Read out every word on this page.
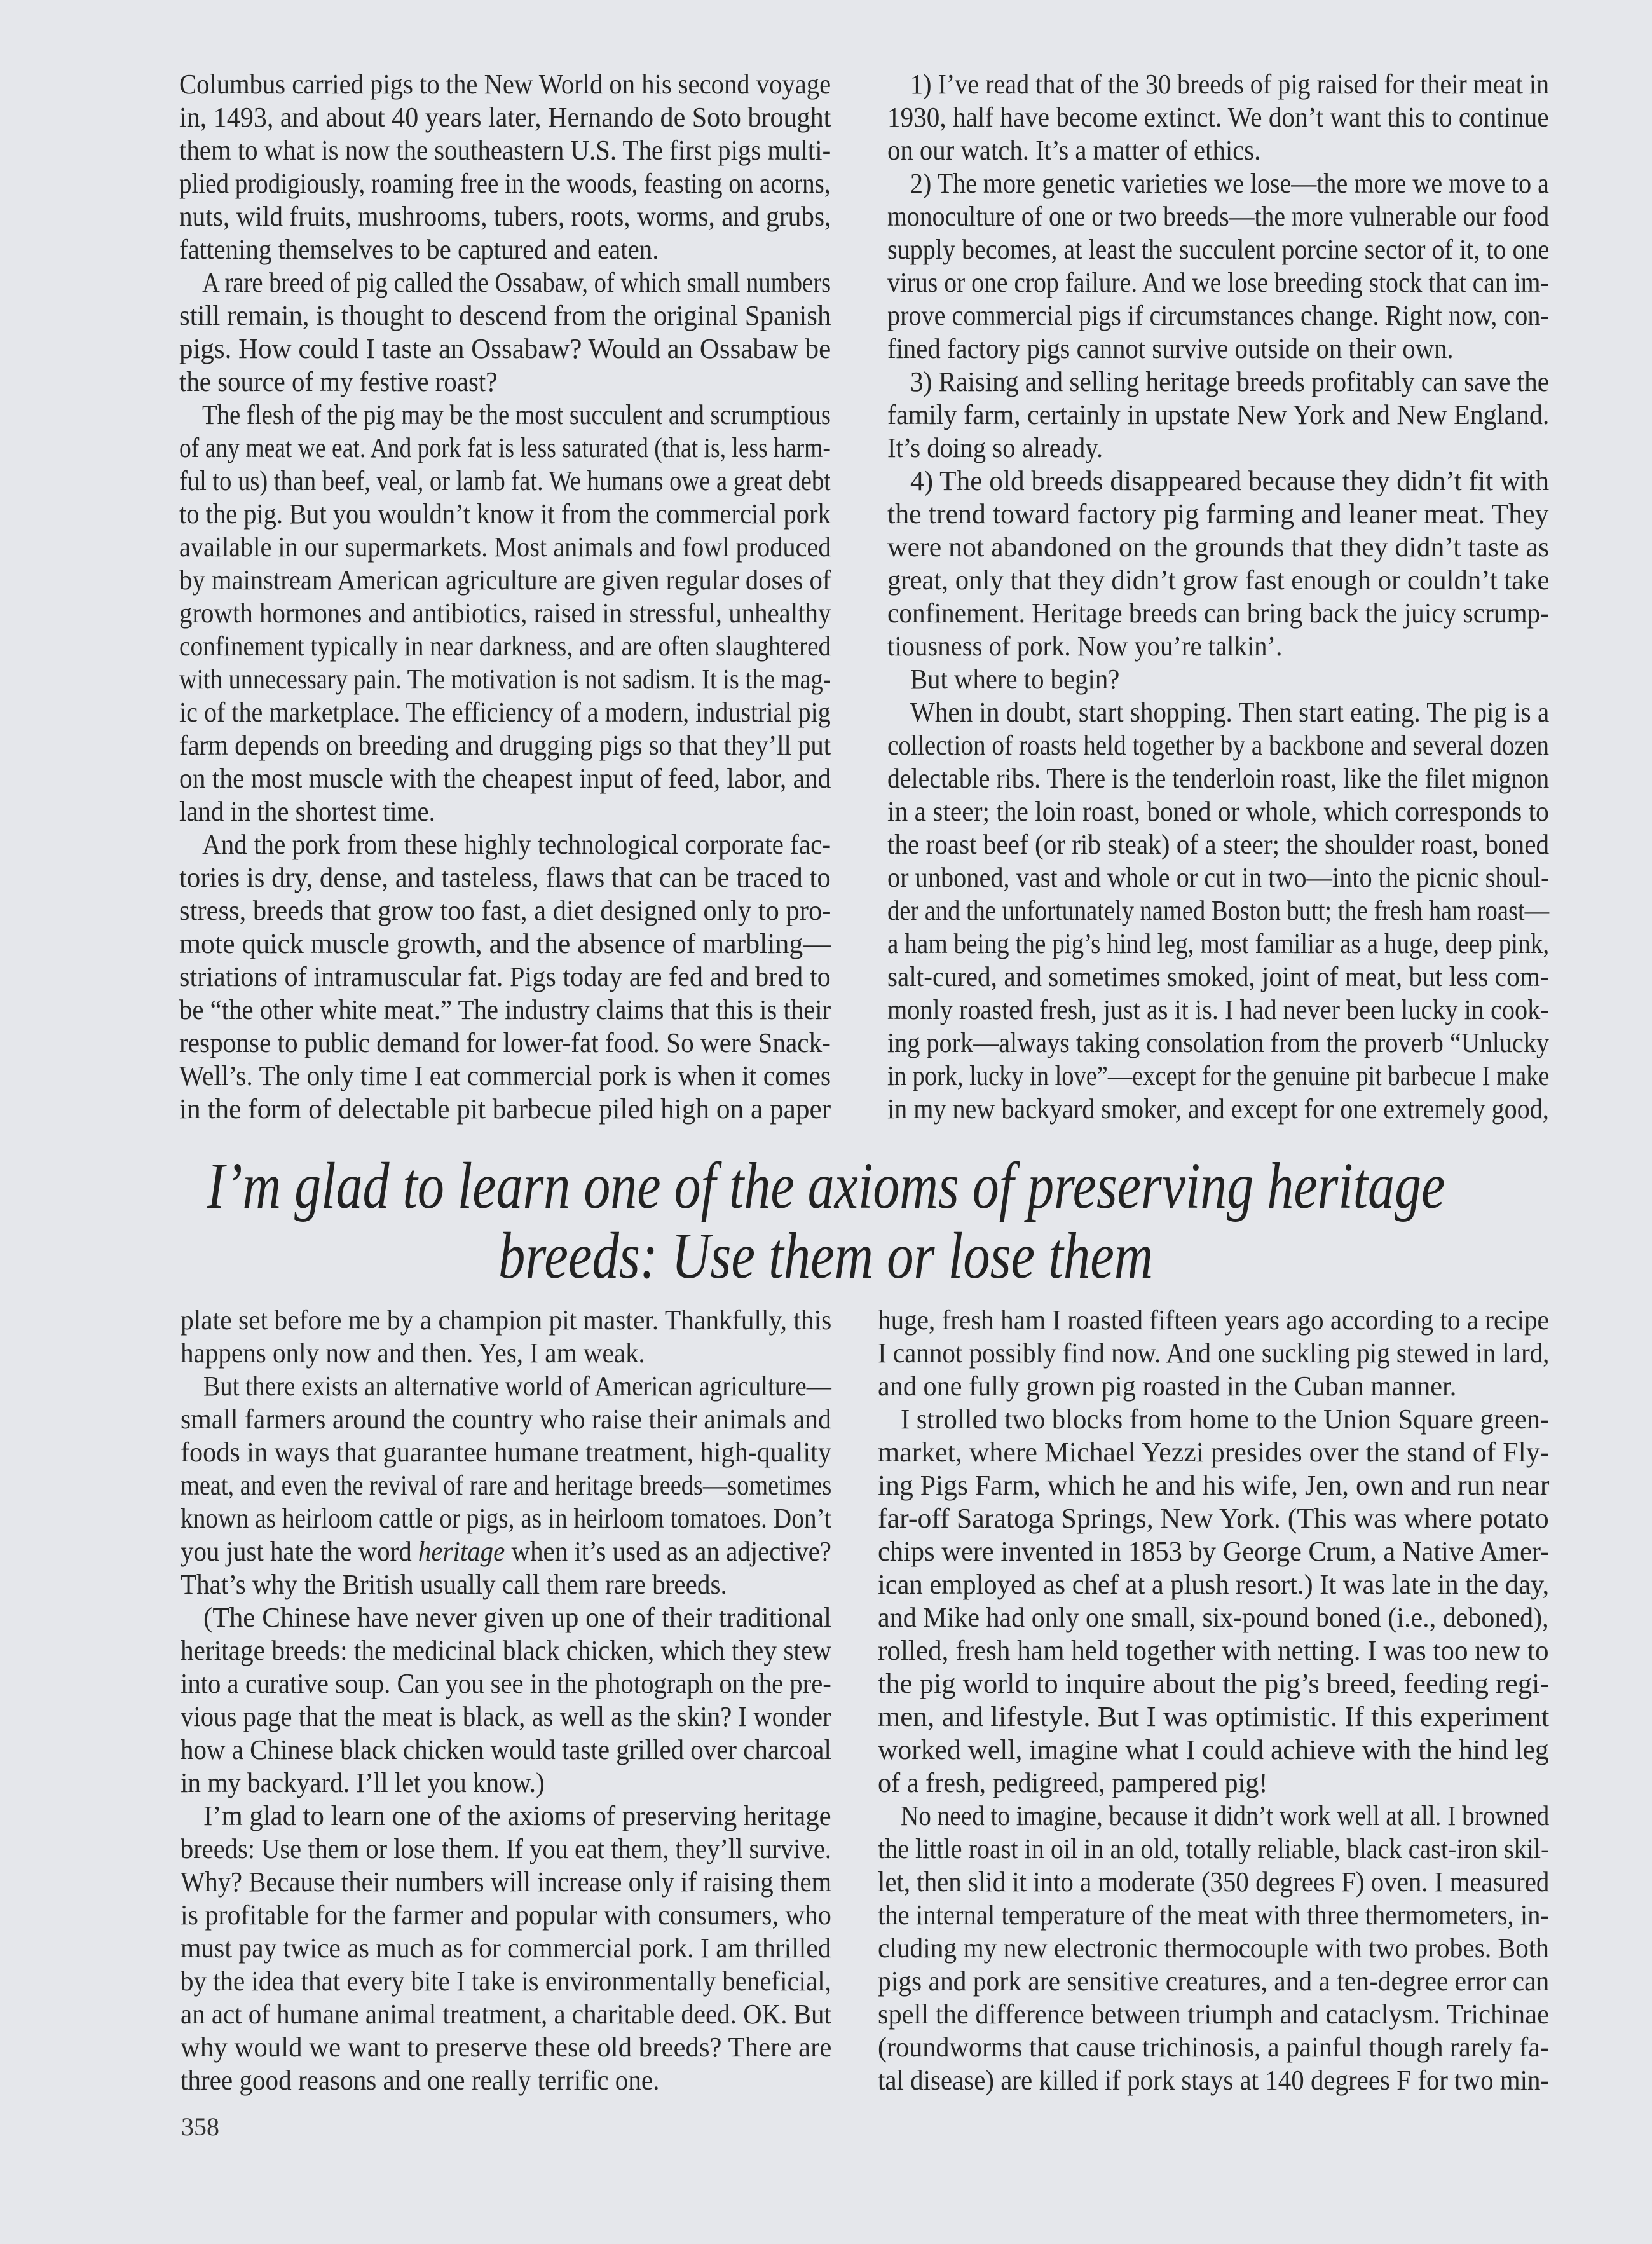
Columbus carried pigs to the New World on his second voyage
in, 1493, and about 40 years later, Hernando de Soto brought
them to what is now the southeastern U.S. The first pigs multi-
plied prodigiously, roaming free in the woods, feasting on acorns,
nuts, wild fruits, mushrooms, tubers, roots, worms, and grubs,
fattening themselves to be captured and eaten.
A rare breed of pig called the Ossabaw, of which small numbers
still remain, is thought to descend from the original Spanish
pigs. How could I taste an Ossabaw? Would an Ossabaw be
the source of my festive roast?
The flesh of the pig may be the most succulent and scrumptious
of any meat we eat. And pork fat is less saturated (that is, less harm-
ful to us) than beef, veal, or lamb fat. We humans owe a great debt
to the pig. But you wouldn’t know it from the commercial pork
available in our supermarkets. Most animals and fowl produced
by mainstream American agriculture are given regular doses of
growth hormones and antibiotics, raised in stressful, unhealthy
confinement typically in near darkness, and are often slaughtered
with unnecessary pain. The motivation is not sadism. It is the mag-
ic of the marketplace. The efficiency of a modern, industrial pig
farm depends on breeding and drugging pigs so that they’ll put
on the most muscle with the cheapest input of feed, labor, and
land in the shortest time.
And the pork from these highly technological corporate fac-
tories is dry, dense, and tasteless, flaws that can be traced to
stress, breeds that grow too fast, a diet designed only to pro-
mote quick muscle growth, and the absence of marbling—
striations of intramuscular fat. Pigs today are fed and bred to
be “the other white meat.” The industry claims that this is their
response to public demand for lower-fat food. So were Snack-
Well’s. The only time I eat commercial pork is when it comes
in the form of delectable pit barbecue piled high on a paper
1) I’ve read that of the 30 breeds of pig raised for their meat in
1930, half have become extinct. We don’t want this to continue
on our watch. It’s a matter of ethics.
2) The more genetic varieties we lose—the more we move to a
monoculture of one or two breeds—the more vulnerable our food
supply becomes, at least the succulent porcine sector of it, to one
virus or one crop failure. And we lose breeding stock that can im-
prove commercial pigs if circumstances change. Right now, con-
fined factory pigs cannot survive outside on their own.
3) Raising and selling heritage breeds profitably can save the
family farm, certainly in upstate New York and New England.
It’s doing so already.
4) The old breeds disappeared because they didn’t fit with
the trend toward factory pig farming and leaner meat. They
were not abandoned on the grounds that they didn’t taste as
great, only that they didn’t grow fast enough or couldn’t take
confinement. Heritage breeds can bring back the juicy scrump-
tiousness of pork. Now you’re talkin’.
But where to begin?
When in doubt, start shopping. Then start eating. The pig is a
collection of roasts held together by a backbone and several dozen
delectable ribs. There is the tenderloin roast, like the filet mignon
in a steer; the loin roast, boned or whole, which corresponds to
the roast beef (or rib steak) of a steer; the shoulder roast, boned
or unboned, vast and whole or cut in two—into the picnic shoul-
der and the unfortunately named Boston butt; the fresh ham roast—
a ham being the pig’s hind leg, most familiar as a huge, deep pink,
salt-cured, and sometimes smoked, joint of meat, but less com-
monly roasted fresh, just as it is. I had never been lucky in cook-
ing pork—always taking consolation from the proverb “Unlucky
in pork, lucky in love”—except for the genuine pit barbecue I make
in my new backyard smoker, and except for one extremely good,
I’m glad to learn one of the axioms of preserving heritage
breeds: Use them or lose them
plate set before me by a champion pit master. Thankfully, this
happens only now and then. Yes, I am weak.
But there exists an alternative world of American agriculture—
small farmers around the country who raise their animals and
foods in ways that guarantee humane treatment, high-quality
meat, and even the revival of rare and heritage breeds—sometimes
known as heirloom cattle or pigs, as in heirloom tomatoes. Don’t
you just hate the word heritage when it’s used as an adjective?
That’s why the British usually call them rare breeds.
(The Chinese have never given up one of their traditional
heritage breeds: the medicinal black chicken, which they stew
into a curative soup. Can you see in the photograph on the pre-
vious page that the meat is black, as well as the skin? I wonder
how a Chinese black chicken would taste grilled over charcoal
in my backyard. I’ll let you know.)
I’m glad to learn one of the axioms of preserving heritage
breeds: Use them or lose them. If you eat them, they’ll survive.
Why? Because their numbers will increase only if raising them
is profitable for the farmer and popular with consumers, who
must pay twice as much as for commercial pork. I am thrilled
by the idea that every bite I take is environmentally beneficial,
an act of humane animal treatment, a charitable deed. OK. But
why would we want to preserve these old breeds? There are
three good reasons and one really terrific one.
huge, fresh ham I roasted fifteen years ago according to a recipe
I cannot possibly find now. And one suckling pig stewed in lard,
and one fully grown pig roasted in the Cuban manner.
I strolled two blocks from home to the Union Square green-
market, where Michael Yezzi presides over the stand of Fly-
ing Pigs Farm, which he and his wife, Jen, own and run near
far-off Saratoga Springs, New York. (This was where potato
chips were invented in 1853 by George Crum, a Native Amer-
ican employed as chef at a plush resort.) It was late in the day,
and Mike had only one small, six-pound boned (i.e., deboned),
rolled, fresh ham held together with netting. I was too new to
the pig world to inquire about the pig’s breed, feeding regi-
men, and lifestyle. But I was optimistic. If this experiment
worked well, imagine what I could achieve with the hind leg
of a fresh, pedigreed, pampered pig!
No need to imagine, because it didn’t work well at all. I browned
the little roast in oil in an old, totally reliable, black cast-iron skil-
let, then slid it into a moderate (350 degrees F) oven. I measured
the internal temperature of the meat with three thermometers, in-
cluding my new electronic thermocouple with two probes. Both
pigs and pork are sensitive creatures, and a ten-degree error can
spell the difference between triumph and cataclysm. Trichinae
(roundworms that cause trichinosis, a painful though rarely fa-
tal disease) are killed if pork stays at 140 degrees F for two min-
358
